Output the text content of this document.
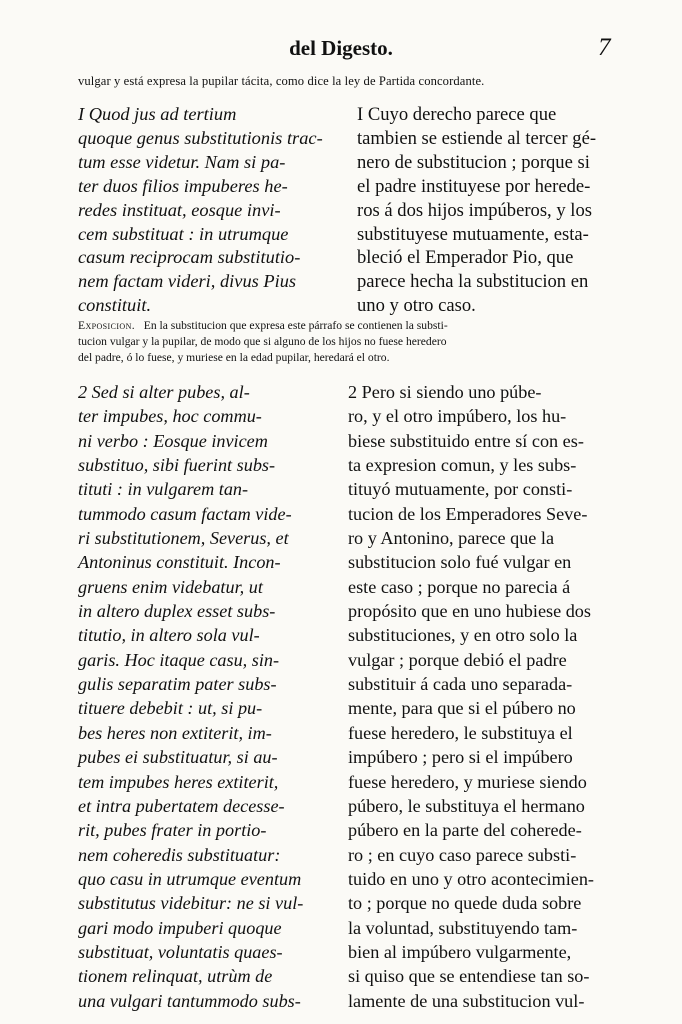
del Digesto.	7
vulgar y está expresa la pupilar tácita, como dice la ley de Partida concordante.
I Quod jus ad tertium
quoque genus substitutionis trac-
tum esse videtur. Nam si pa-
ter duos filios impuberes he-
redes instituat, eosque invi-
cem substituat : in utrumque
casum reciprocam substitutio-
nem factam videri, divus Pius
constituit.
I Cuyo derecho parece que
tambien se estiende al tercer gé-
nero de substitucion ; porque si
el padre instituyese por herede-
ros á dos hijos impúberos, y los
substituyese mutuamente, esta-
bleció el Emperador Pio, que
parece hecha la substitucion en
uno y otro caso.
Exposicion. En la substitucion que expresa este párrafo se contienen la substi-
tucion vulgar y la pupilar, de modo que si alguno de los hijos no fuese heredero
del padre, ó lo fuese, y muriese en la edad pupilar, heredará el otro.
2 Sed si alter pubes, al-
ter impubes, hoc commu-
ni verbo : Eosque invicem
substituo, sibi fuerint subs-
tituti : in vulgarem tan-
tummodo casum factam vide-
ri substitutionem, Severus, et
Antoninus constituit. Incon-
gruens enim videbatur, ut
in altero duplex esset subs-
titutio, in altero sola vul-
garis. Hoc itaque casu, sin-
gulis separatim pater subs-
tituere debebit : ut, si pu-
bes heres non extiterit, im-
pubes ei substituatur, si au-
tem impubes heres extiterit,
et intra pubertatem decesse-
rit, pubes frater in portio-
nem coheredis substituatur:
quo casu in utrumque eventum
substitutus videbitur: ne si vul-
gari modo impuberi quoque
substituat, voluntatis quaes-
tionem relinquat, utrùm de
una vulgari tantummodo subs-
2 Pero si siendo uno púbe-
ro, y el otro impúbero, los hu-
biese substituido entre sí con es-
ta expresion comun, y les subs-
tituyó mutuamente, por consti-
tucion de los Emperadores Seve-
ro y Antonino, parece que la
substitucion solo fué vulgar en
este caso ; porque no parecia á
propósito que en uno hubiese dos
substituciones, y en otro solo la
vulgar ; porque debió el padre
substituir á cada uno separada-
mente, para que si el púbero no
fuese heredero, le substituya el
impúbero ; pero si el impúbero
fuese heredero, y muriese siendo
púbero, le substituya el hermano
púbero en la parte del coherede-
ro ; en cuyo caso parece substi-
tuido en uno y otro acontecimien-
to ; porque no quede duda sobre
la voluntad, substituyendo tam-
bien al impúbero vulgarmente,
si quiso que se entendiese tan so-
lamente de una substitucion vul-
